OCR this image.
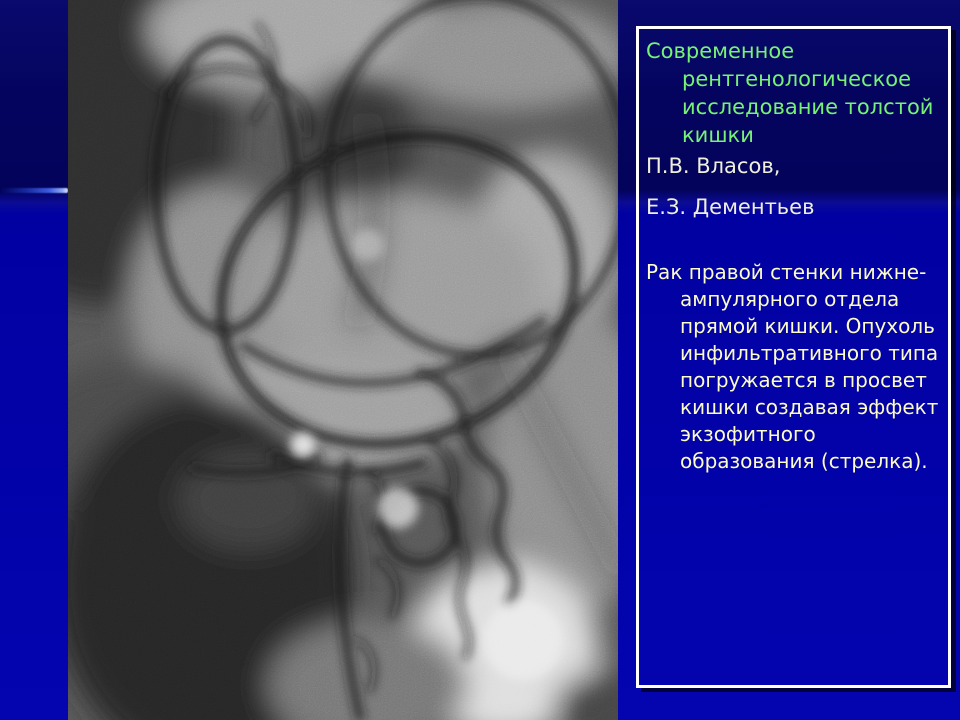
Современное
рентгенологическое
исследование толстой
кишки
П.В. Власов,
Е.З. Дементьев
Рак правой стенки нижне-
ампулярного отдела
прямой кишки. Опухоль
инфильтративного типа
погружается в просвет
кишки создавая эффект
экзофитного
образования (стрелка).
